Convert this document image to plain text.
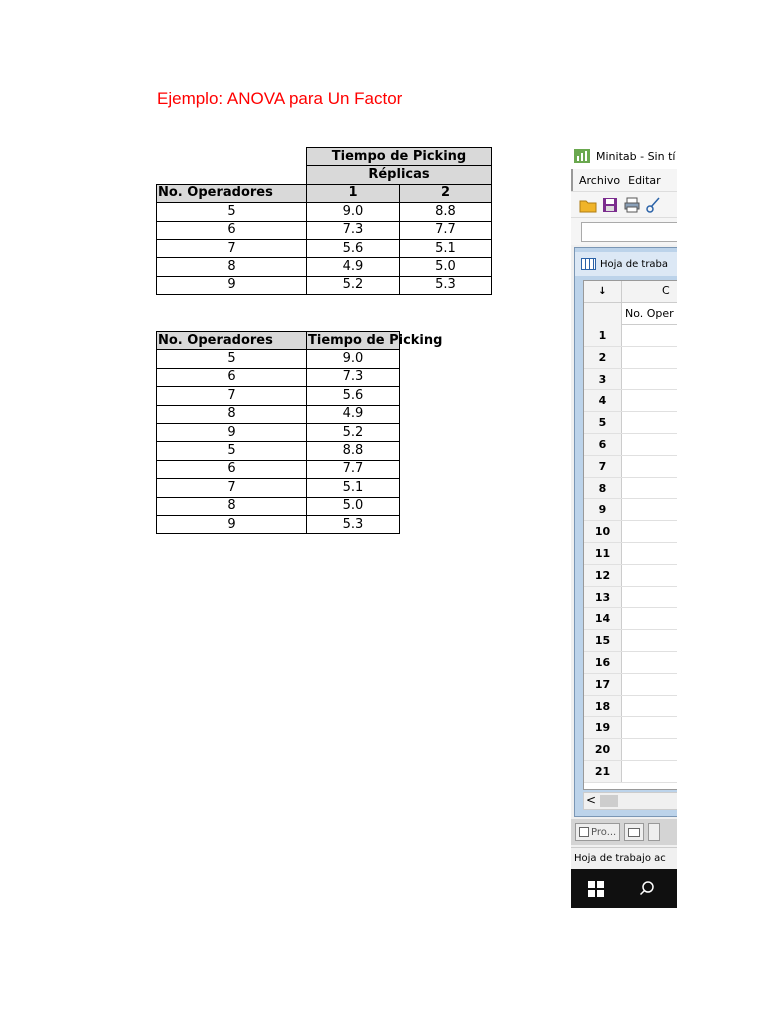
Ejemplo: ANOVA para Un Factor
	Tiempo de Picking	
	Réplicas	
No. Operadores	1	2
5	9.0	8.8
6	7.3	7.7
7	5.6	5.1
8	4.9	5.0
9	5.2	5.3
No. Operadores	Tiempo de Picking

5	9.0
6	7.3
7	5.6
8	4.9
9	5.2
5	8.8
6	7.7
7	5.1
8	5.0
9	5.3
Minitab - Sin tí
Archivo Editar
Hoja de traba
↓	C
No. Oper
1
2
3
4
5
6
7
8
9
10
11
12
13
14
15
16
17
18
19
20
21
<
Pro...
Hoja de trabajo ac
